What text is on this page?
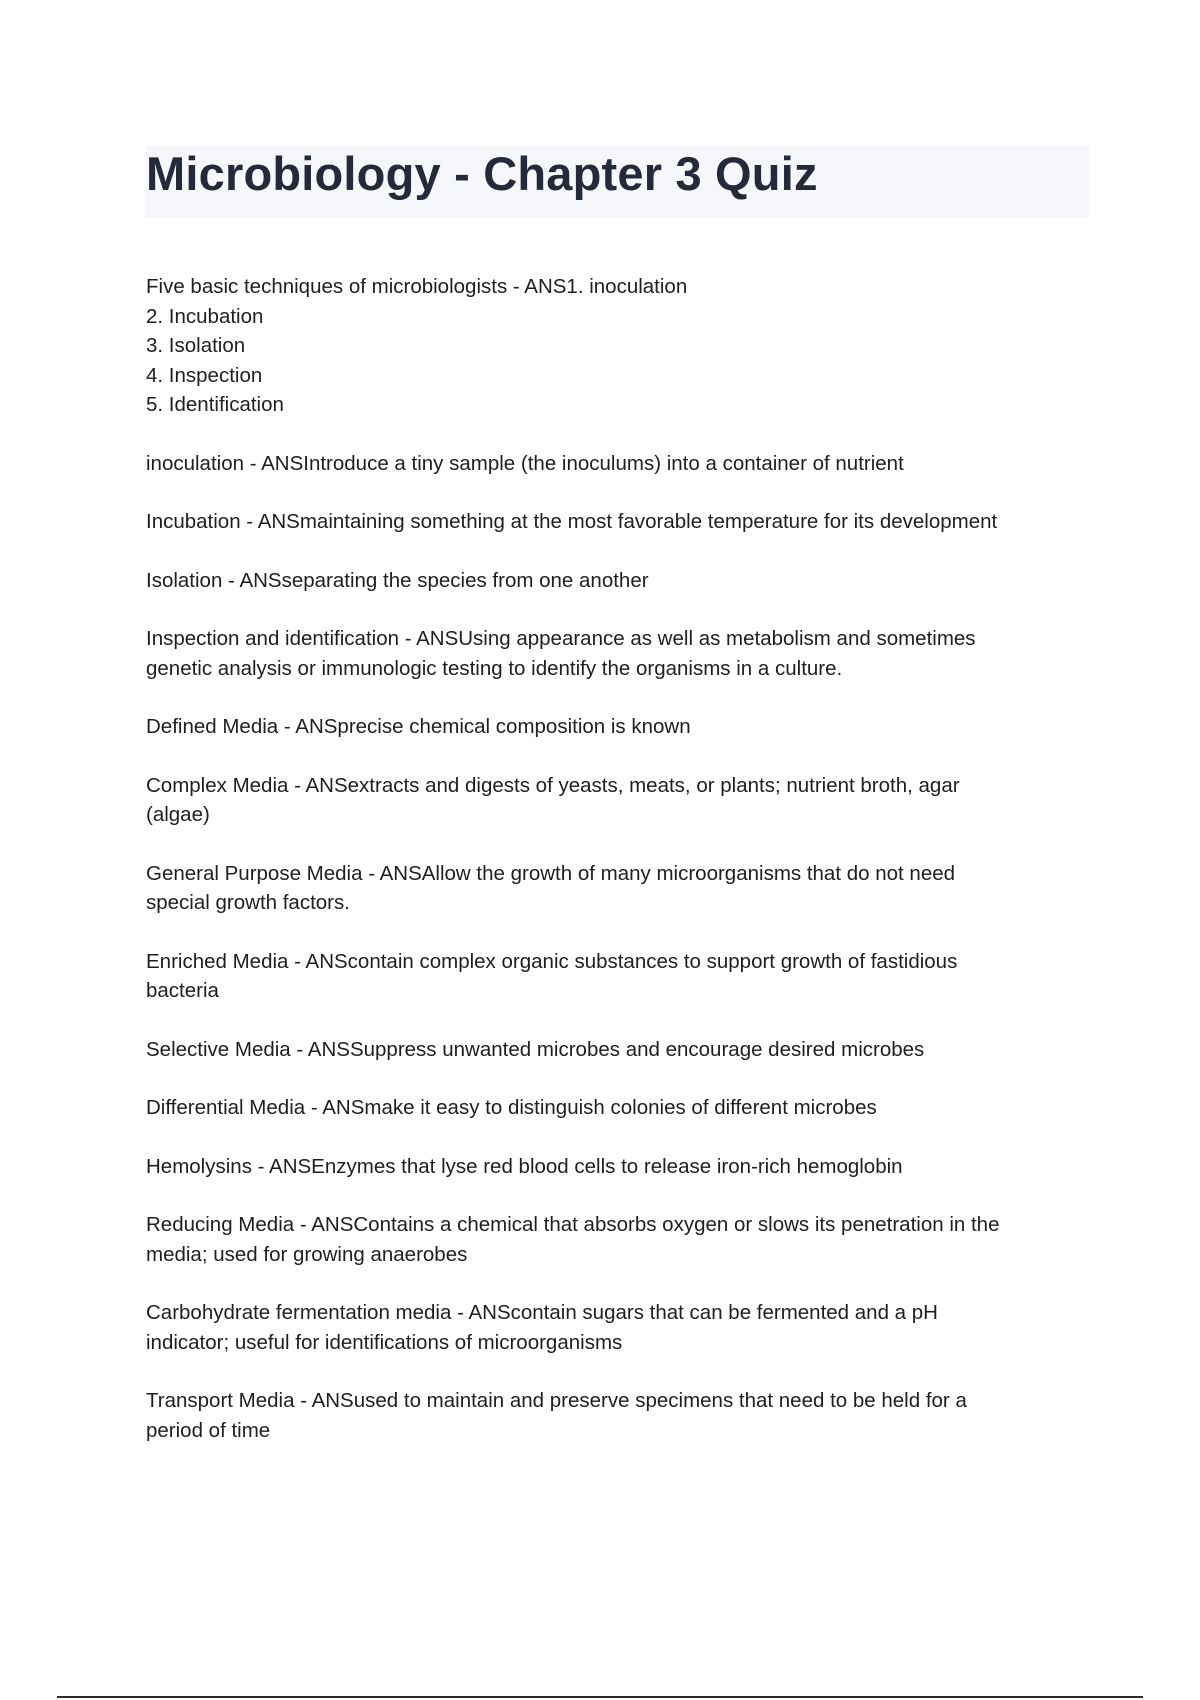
Microbiology - Chapter 3 Quiz

Five basic techniques of microbiologists - ANS1. inoculation
2. Incubation
3. Isolation
4. Inspection
5. Identification

inoculation - ANSIntroduce a tiny sample (the inoculums) into a container of nutrient

Incubation - ANSmaintaining something at the most favorable temperature for its development

Isolation - ANSseparating the species from one another

Inspection and identification - ANSUsing appearance as well as metabolism and sometimes
genetic analysis or immunologic testing to identify the organisms in a culture.

Defined Media - ANSprecise chemical composition is known

Complex Media - ANSextracts and digests of yeasts, meats, or plants; nutrient broth, agar
(algae)

General Purpose Media - ANSAllow the growth of many microorganisms that do not need
special growth factors.

Enriched Media - ANScontain complex organic substances to support growth of fastidious
bacteria

Selective Media - ANSSuppress unwanted microbes and encourage desired microbes

Differential Media - ANSmake it easy to distinguish colonies of different microbes

Hemolysins - ANSEnzymes that lyse red blood cells to release iron-rich hemoglobin

Reducing Media - ANSContains a chemical that absorbs oxygen or slows its penetration in the
media; used for growing anaerobes

Carbohydrate fermentation media - ANScontain sugars that can be fermented and a pH
indicator; useful for identifications of microorganisms

Transport Media - ANSused to maintain and preserve specimens that need to be held for a
period of time
